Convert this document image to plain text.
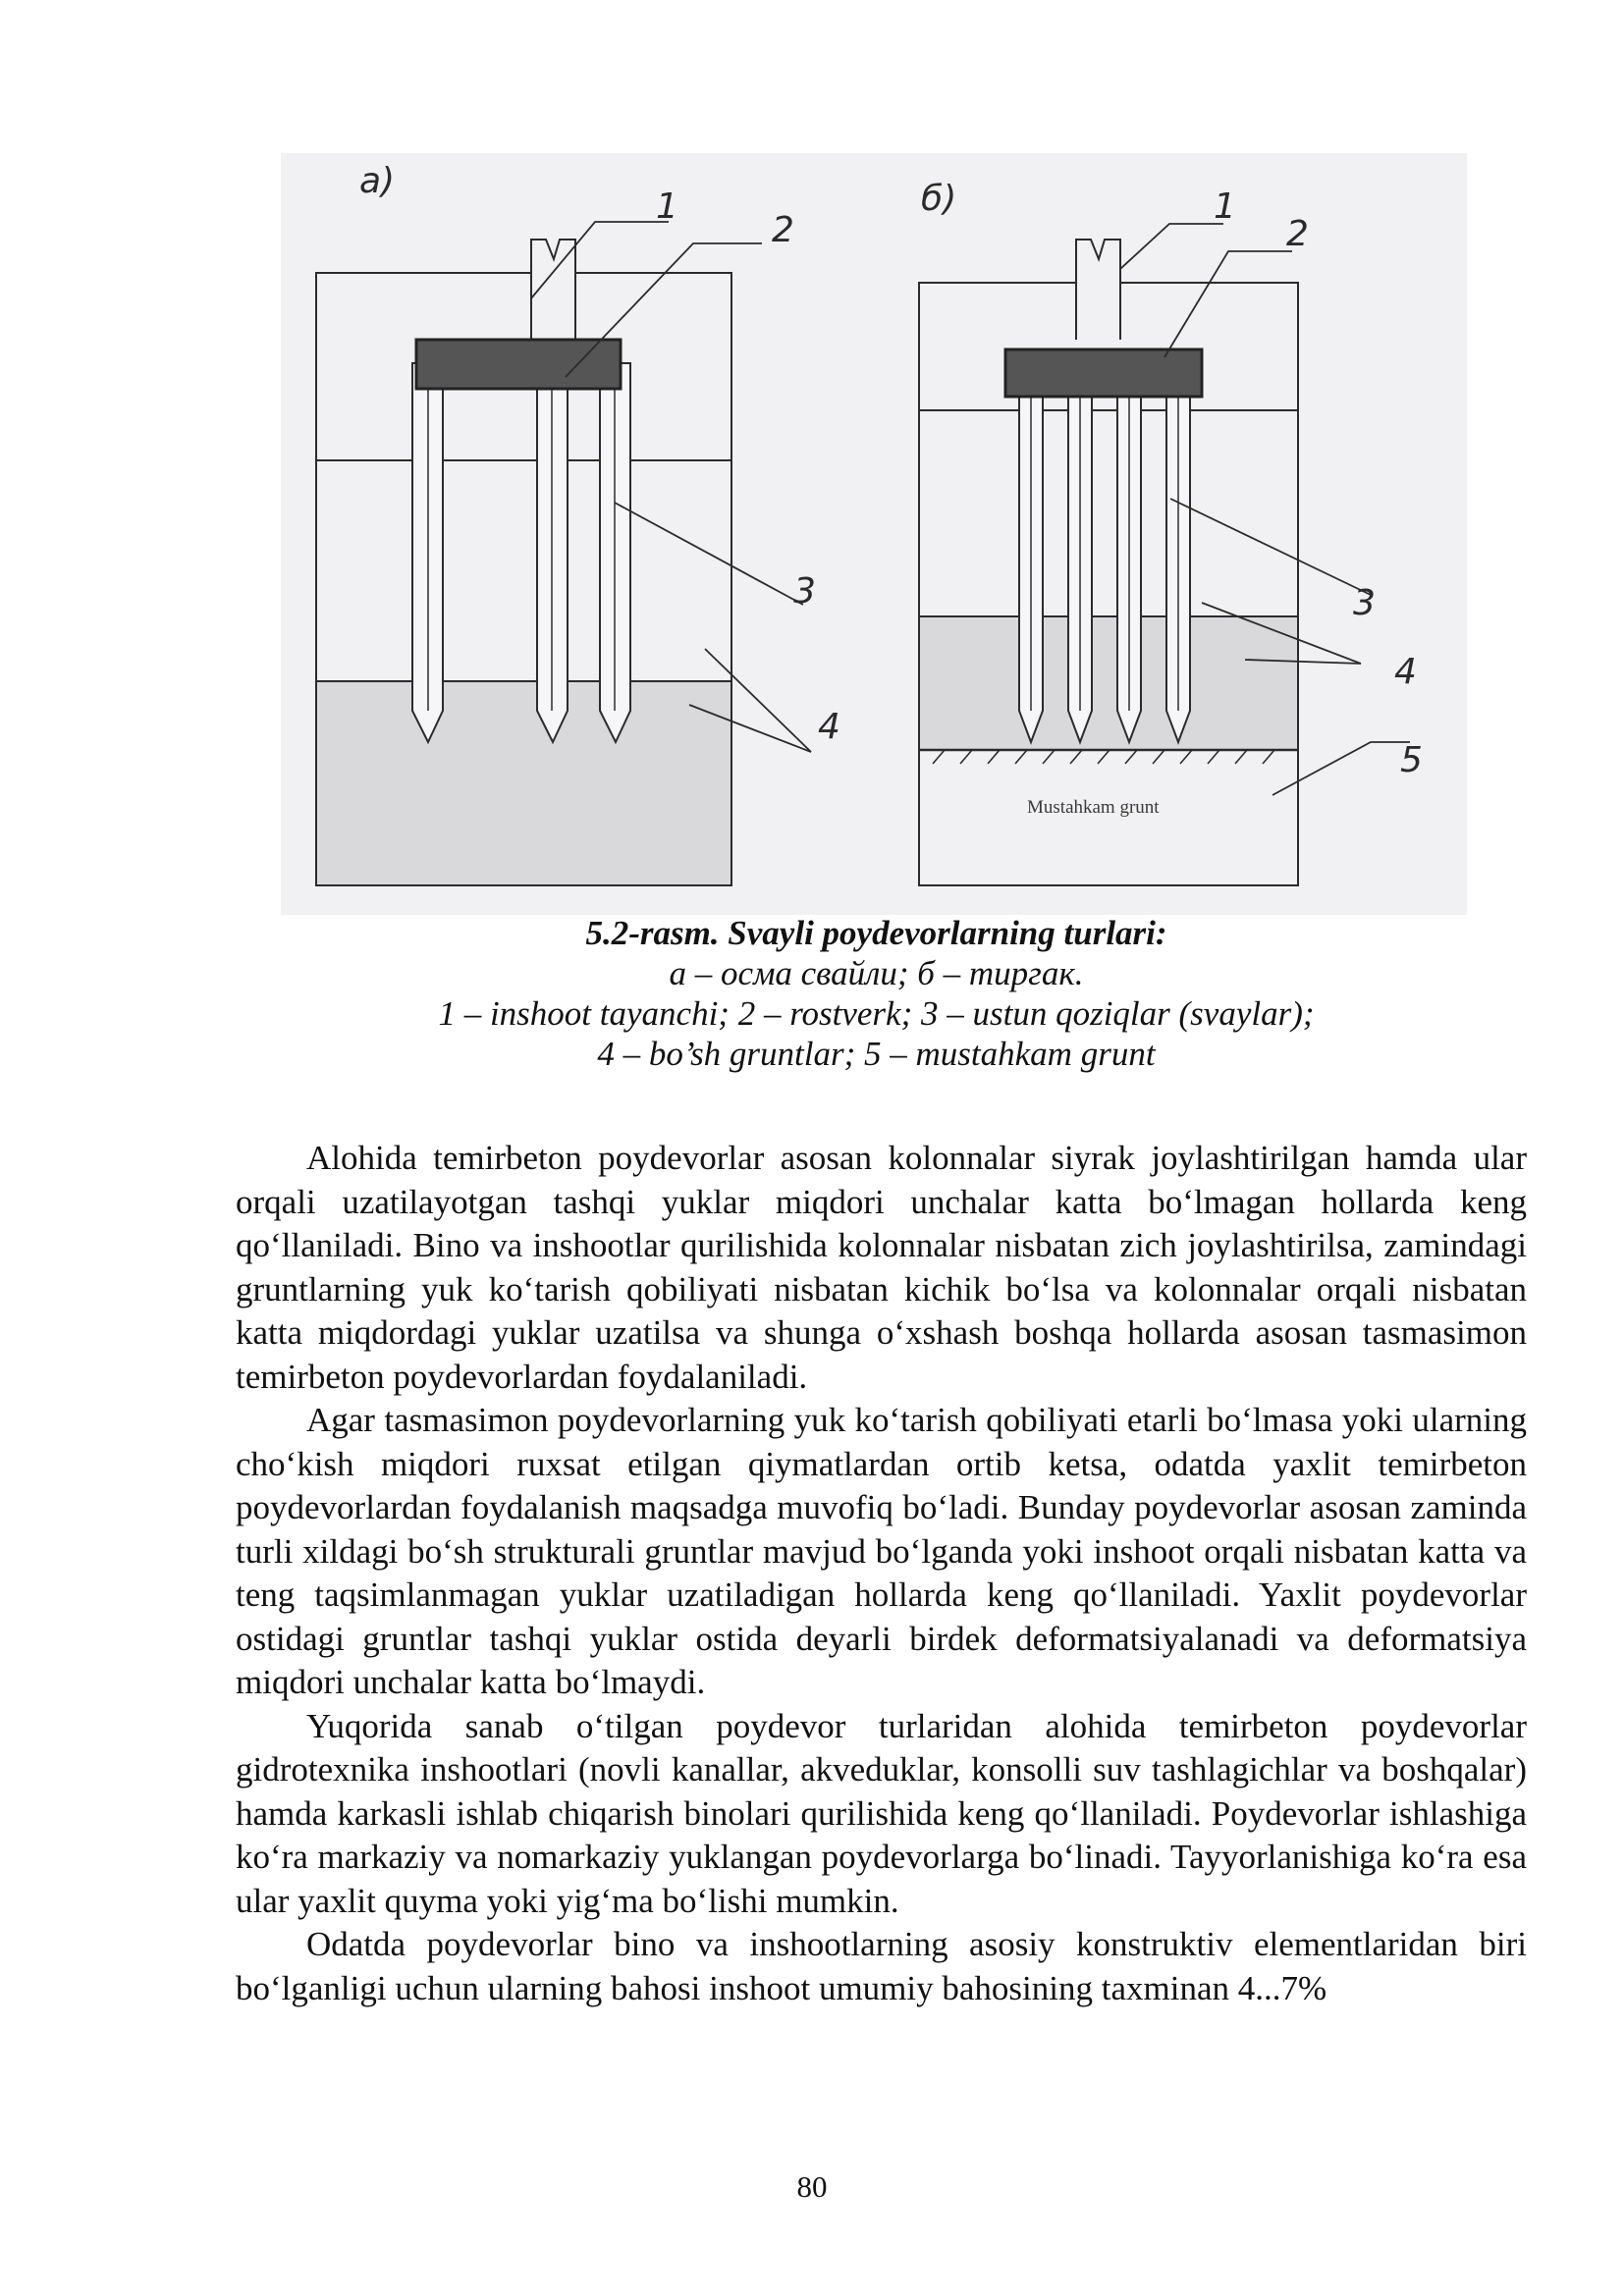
a)
1
2
3
4
б)	1
2
3
4
5
Mustahkam grunt
5.2-rasm. Svayli poydevorlarning turlari:
а – осма свайли; б – тиргак.
1 – inshoot tayanchi; 2 – rostverk; 3 – ustun qoziqlar (svaylar);
4 – bo’sh gruntlar; 5 – mustahkam grunt

Alohida temirbeton poydevorlar asosan kolonnalar siyrak joylashtirilgan hamda ular orqali uzatilayotgan tashqi yuklar miqdori unchalar katta bo‘lmagan hollarda keng qo‘llaniladi. Bino va inshootlar qurilishida kolonnalar nisbatan zich joylashtirilsa, zamindagi gruntlarning yuk ko‘tarish qobiliyati nisbatan kichik bo‘lsa va kolonnalar orqali nisbatan katta miqdordagi yuklar uzatilsa va shunga o‘xshash boshqa hollarda asosan tasmasimon temirbeton poydevorlardan foydalaniladi.

Agar tasmasimon poydevorlarning yuk ko‘tarish qobiliyati etarli bo‘lmasa yoki ularning cho‘kish miqdori ruxsat etilgan qiymatlardan ortib ketsa, odatda yaxlit temirbeton poydevorlardan foydalanish maqsadga muvofiq bo‘ladi. Bunday poydevorlar asosan zaminda turli xildagi bo‘sh strukturali gruntlar mavjud bo‘lganda yoki inshoot orqali nisbatan katta va teng taqsimlanmagan yuklar uzatiladigan hollarda keng qo‘llaniladi. Yaxlit poydevorlar ostidagi gruntlar tashqi yuklar ostida deyarli birdek deformatsiyalanadi va deformatsiya miqdori unchalar katta bo‘lmaydi.

Yuqorida sanab o‘tilgan poydevor turlaridan alohida temirbeton poydevorlar gidrotexnika inshootlari (novli kanallar, akveduklar, konsolli suv tashlagichlar va boshqalar) hamda karkasli ishlab chiqarish binolari qurilishida keng qo‘llaniladi. Poydevorlar ishlashiga ko‘ra markaziy va nomarkaziy yuklangan poydevorlarga bo‘linadi. Tayyorlanishiga ko‘ra esa ular yaxlit quyma yoki yig‘ma bo‘lishi mumkin.

Odatda poydevorlar bino va inshootlarning asosiy konstruktiv elementlaridan biri bo‘lganligi uchun ularning bahosi inshoot umumiy bahosining taxminan 4...7%

80
